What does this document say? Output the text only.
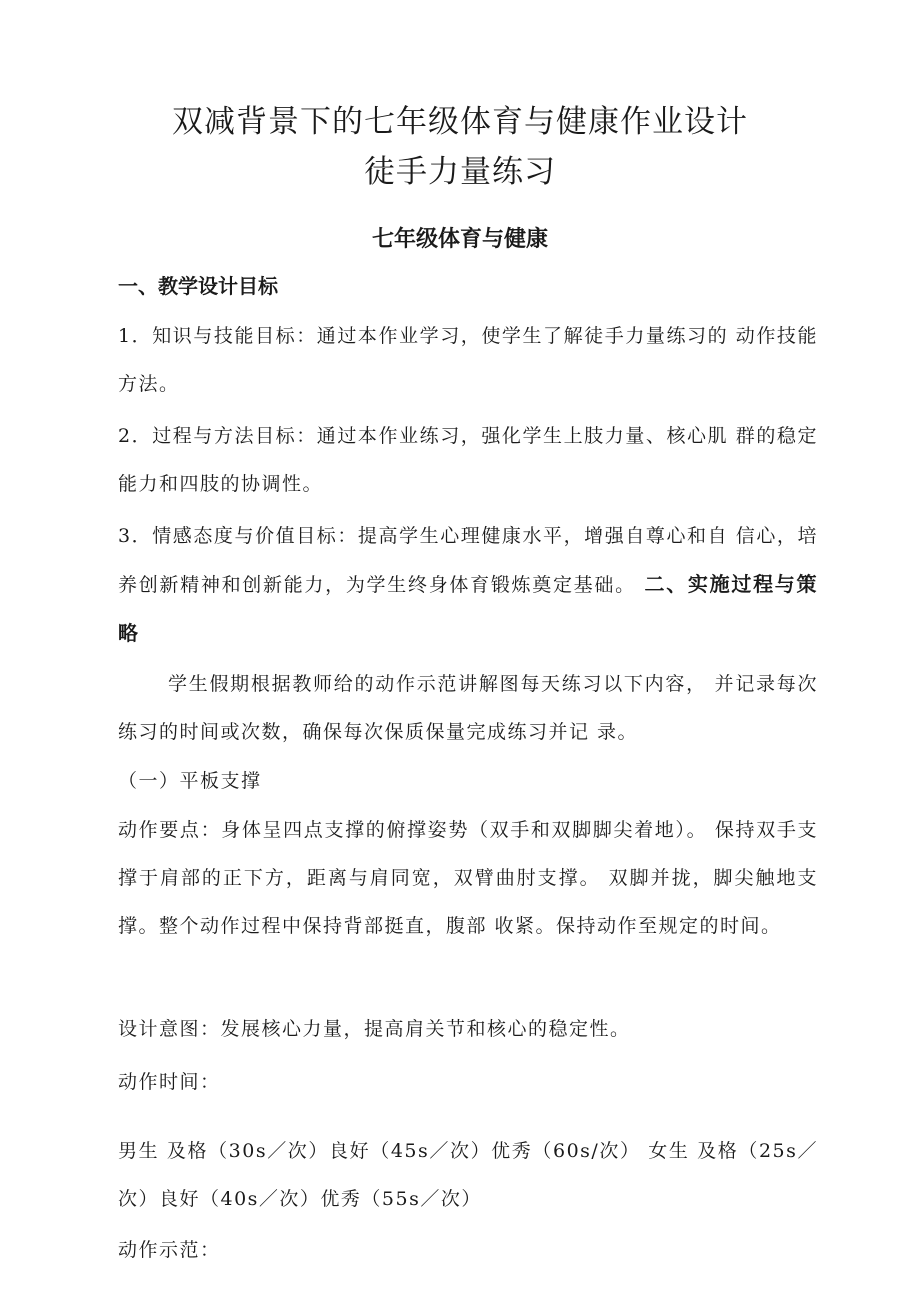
双减背景下的七年级体育与健康作业设计
徒手力量练习
七年级体育与健康
一、教学设计目标
1．知识与技能目标：通过本作业学习，使学生了解徒手力量练习的 动作技能方法。
2．过程与方法目标：通过本作业练习，强化学生上肢力量、核心肌 群的稳定能力和四肢的协调性。
3．情感态度与价值目标：提高学生心理健康水平，增强自尊心和自 信心，培养创新精神和创新能力，为学生终身体育锻炼奠定基础。 二、实施过程与策略
学生假期根据教师给的动作示范讲解图每天练习以下内容， 并记录每次练习的时间或次数，确保每次保质保量完成练习并记 录。
（一）平板支撑
动作要点：身体呈四点支撑的俯撑姿势（双手和双脚脚尖着地）。 保持双手支撑于肩部的正下方，距离与肩同宽，双臂曲肘支撑。 双脚并拢，脚尖触地支撑。整个动作过程中保持背部挺直，腹部 收紧。保持动作至规定的时间。
设计意图：发展核心力量，提高肩关节和核心的稳定性。
动作时间：
男生 及格（30s／次）良好（45s／次）优秀（60s/次） 女生 及格（25s／次）良好（40s／次）优秀（55s／次）
动作示范：
